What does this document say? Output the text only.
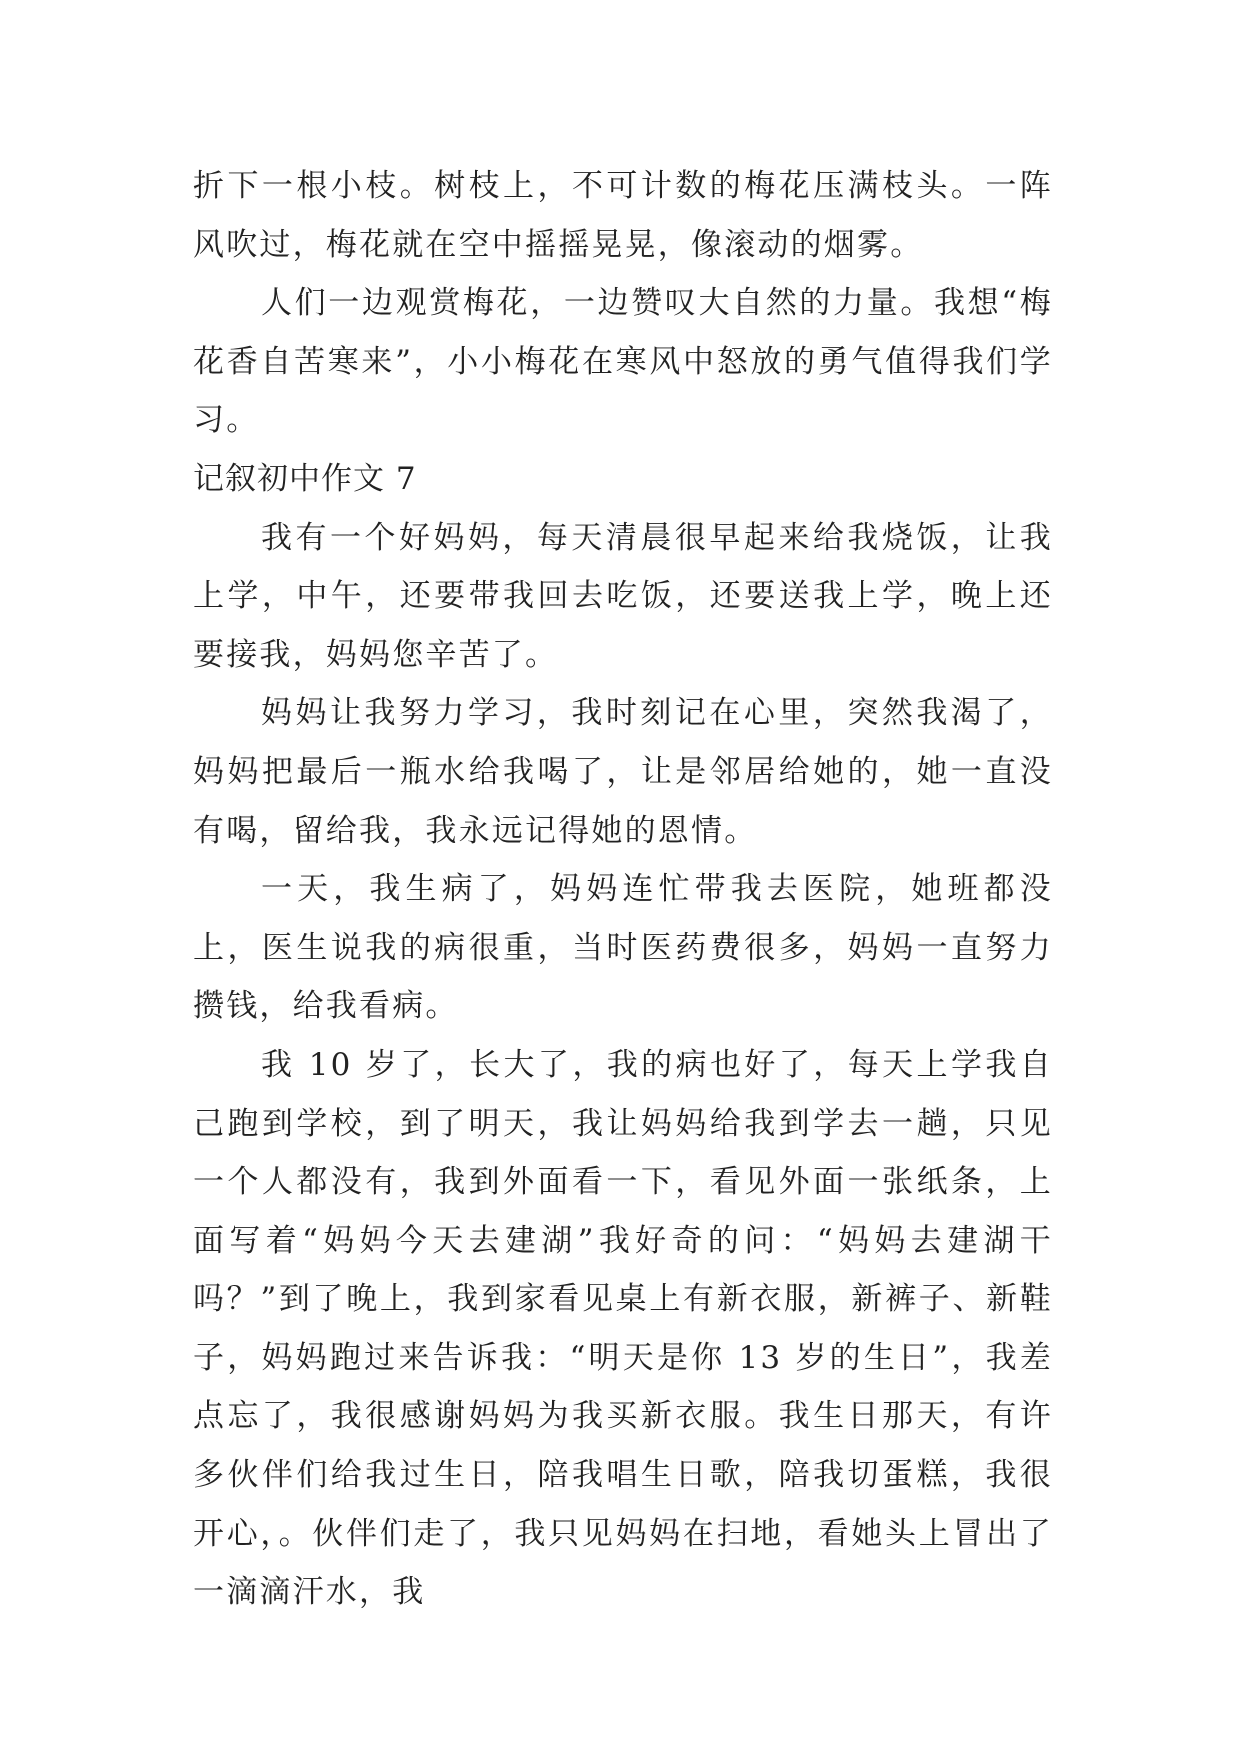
折下一根小枝。树枝上，不可计数的梅花压满枝头。一阵风吹过，梅花就在空中摇摇晃晃，像滚动的烟雾。

人们一边观赏梅花，一边赞叹大自然的力量。我想“梅花香自苦寒来”，小小梅花在寒风中怒放的勇气值得我们学习。

记叙初中作文 7

我有一个好妈妈，每天清晨很早起来给我烧饭，让我上学，中午，还要带我回去吃饭，还要送我上学，晚上还要接我，妈妈您辛苦了。

妈妈让我努力学习，我时刻记在心里，突然我渴了，妈妈把最后一瓶水给我喝了，让是邻居给她的，她一直没有喝，留给我，我永远记得她的恩情。

一天，我生病了，妈妈连忙带我去医院，她班都没上，医生说我的病很重，当时医药费很多，妈妈一直努力攒钱，给我看病。

我 10 岁了，长大了，我的病也好了，每天上学我自己跑到学校，到了明天，我让妈妈给我到学去一趟，只见一个人都没有，我到外面看一下，看见外面一张纸条，上面写着“妈妈今天去建湖”我好奇的问：“妈妈去建湖干吗？”到了晚上，我到家看见桌上有新衣服，新裤子、新鞋子，妈妈跑过来告诉我：“明天是你 13 岁的生日”，我差点忘了，我很感谢妈妈为我买新衣服。我生日那天，有许多伙伴们给我过生日，陪我唱生日歌，陪我切蛋糕，我很开心，。伙伴们走了，我只见妈妈在扫地，看她头上冒出了一滴滴汗水，我
